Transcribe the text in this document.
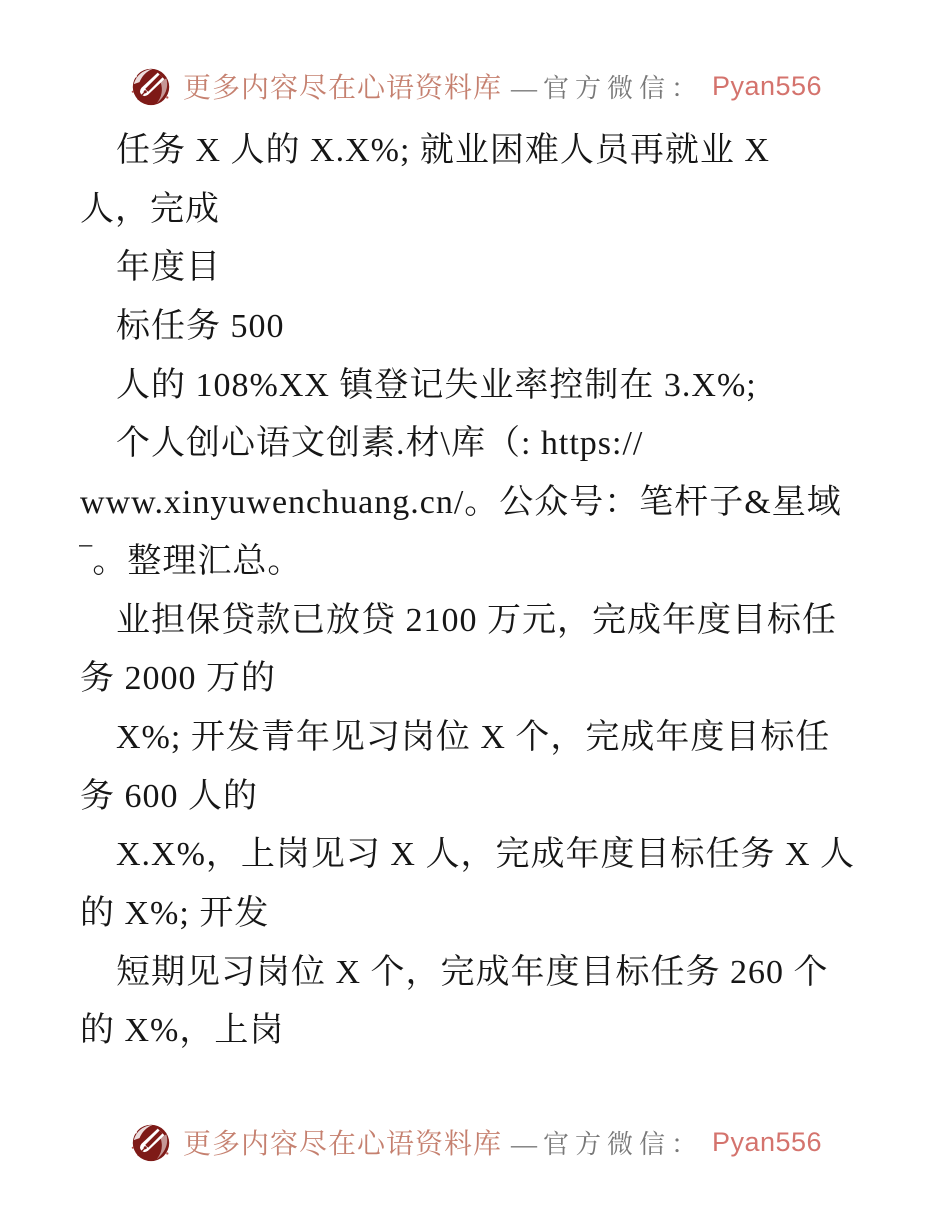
更多内容尽在心语资料库 —官方微信： Pyan556
任务 X 人的 X.X%; 就业困难人员再就业 X
人，完成
年度目
标任务 500
人的 108%XX 镇登记失业率控制在 3.X%;
个人创心语文创素.材\库（: https://
www.xinyuwenchuang.cn/。公众号：笔杆子&星域
‾。整理汇总。
业担保贷款已放贷 2100 万元，完成年度目标任
务 2000 万的
X%; 开发青年见习岗位 X 个，完成年度目标任
务 600 人的
X.X%，上岗见习 X 人，完成年度目标任务 X 人
的 X%; 开发
短期见习岗位 X 个，完成年度目标任务 260 个
的 X%，上岗
更多内容尽在心语资料库 —官方微信： Pyan556
